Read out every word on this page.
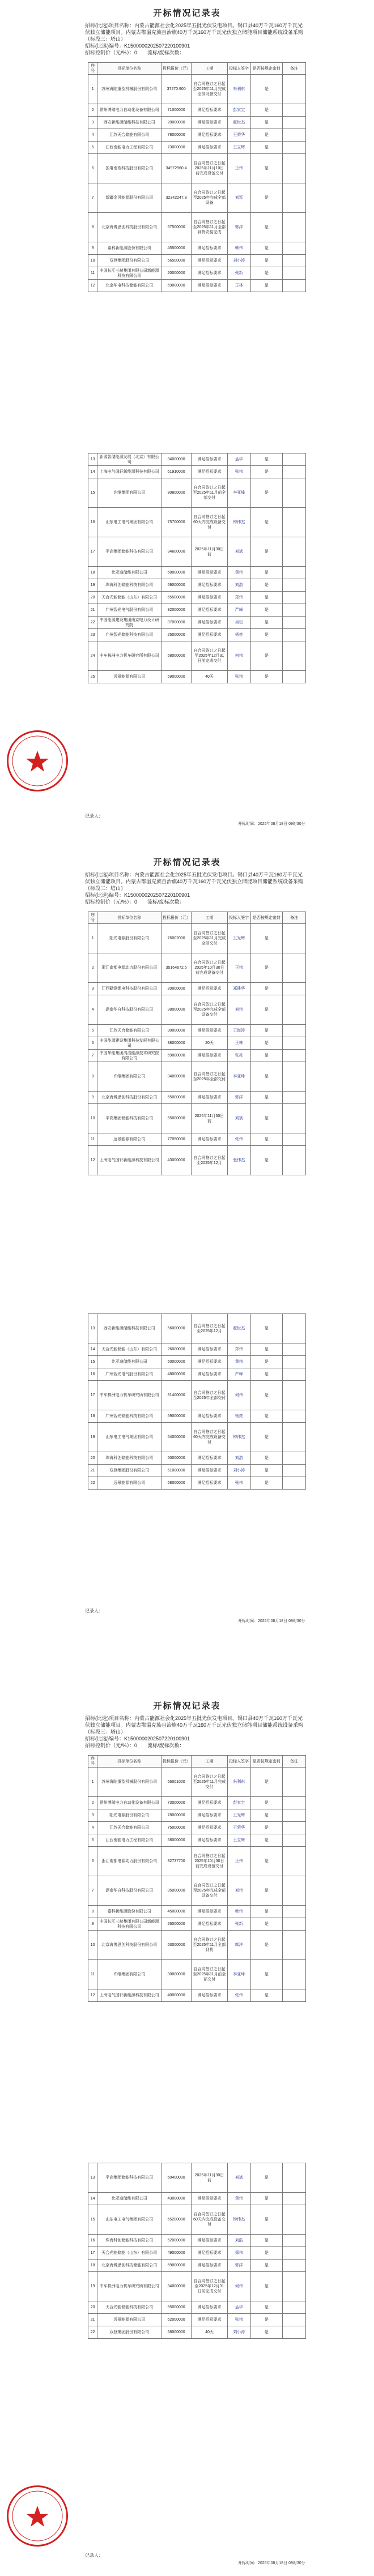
开标情况记录表
招标(比选)项目名称：内蒙古能源社会化2025年五批光伏发电项目。锡口县40万千瓦160万千瓦光伏独立储能项目。内蒙古鄂温克族自治旗40万千瓦160万千瓦光伏独立储能项目储能系统设备采购（标段三：塔山）
招标(比选)编号：K1500000202507220100901
招标控制价（元/%）：0 流标/废标次数：
序号	投标单位名称	投标报价（元）	工期	投标人签字	是否按规定密封	备注
1	苏州海陆重型机械股份有限公司	37270.900	自合同签订之日起至2025年11月完成全部设备交付	朱利东	是	
2	常州博瑞电力自动化设备有限公司	71000000	满足招标要求	彭家宝	是	
3	西安新能源储能科技有限公司	20000000	满足招标要求	霍世杰	是	
4	江苏天合储能有限公司	78000000	满足招标要求	王荣华	是	
5	江西南能电力工程有限公司	73000000	满足招标要求	王立辉	是	
6	国电南瑞科技股份有限公司	34972960.4	自合同签订之日起2025年11月10日前完成设备交付	王伟	是	
7	新疆金风能源股份有限公司	32342247.9	自合同签订之日起至2025年完成全部设备	刘军	是	
8	北京海博思创科技股份有限公司	57500000	自合同签订之日起至2025年11月全部到货安装完成	郭洋	是	
9	嘉科新能源股份有限公司	45500000	满足招标要求	韩伟	是	
10	双登集团股份有限公司	56500000	满足招标要求	刘小涛	是	
11	中国长江三峡集团有限公司新能源科技有限公司	20000000	满足招标要求	张新	是	
12	北京华电科技储能有限公司	59000000	满足招标要求	王林	是	
13	新源智储能源发展（北京）有限公司	34000000	满足招标要求	孟华	是	
14	上海电气国轩新能源科技有限公司	61910000	满足招标要求	张伟	是	
15	许继集团有限公司	30800000	自合同签订之日起至2025年11月前全部交付	李亚峰	是	
16	山东电工电气集团有限公司	75700000	自合同签订之日起60天内完成设备交付	钟伟杰	是	
17	平高集团储能科技有限公司	34600000	2025年11月30日前	刘斌	是	
18	比亚迪储能有限公司	68000000	满足招标要求	黄伟	是	
19	珠海科创储能科技有限公司	59000000	满足招标要求	刘浩	是	
20	天合光能储能（山东）有限公司	65500000	满足招标要求	郑伟	是	
21	广州智光电气股份有限公司	32000000	满足招标要求	严峰	是	
22	中国能源建设集团南京电力设计研究院	37000000	满足招标要求	吴松	是	
23	广州智光储能科技有限公司	25000000	满足招标要求	杨亮	是	
24	中车株洲电力机车研究所有限公司	58000000	自合同签订之日起至2025年12月31日前完成交付	何伟	是	
25	远景能源有限公司	59000000	40天	张伟	是	
开标时间：2025年08月18日 09时30分
记录人：
开标情况记录表
招标(比选)项目名称：内蒙古能源社会化2025年五批光伏发电项目。锡口县40万千瓦160万千瓦光伏独立储能项目。内蒙古鄂温克族自治旗40万千瓦160万千瓦光伏独立储能项目储能系统设备采购（标段三：塔山）
招标(比选)编号：K1500000202507220100901
招标控制价（元/%）：0 流标/废标次数：
序号	投标单位名称	投标报价（元）	工期	投标人签字	是否按规定密封	备注
1	阳光电源股份有限公司	76002000	自合同签订之日起至2025年11月完成全部交付	王光辉	是	
2	浙江南都电源动力股份有限公司	35164672.5	自合同签订之日起2025年10月30日前完成设备交付	王伟	是	
3	江西赣锋锂电科技股份有限公司	20000000	满足招标要求	郑建华	是	
4	湖南华自科技股份有限公司	38000000	自合同签订之日起至2025年完成全部设备交付	刘伟	是	
5	江苏天合储能有限公司	30000000	满足招标要求	王海涛	是	
6	中国能源建设集团科技发展有限公司	38000000	20天	王林	是	
7	中国华能集团清洁能源技术研究院有限公司	59000000	满足招标要求	张亮	是	
8	许继集团有限公司	34000000	自合同签订之日起至2025年全部交付	李亚峰	是	
9	北京海博思创科技股份有限公司	55000000	满足招标要求	郭洋	是	
10	平高集团储能科技有限公司	55000000	2025年11月30日前	刘斌	是	
11	远景能源有限公司	77050000	满足招标要求	张伟	是	
12	上海电气国轩新能源科技有限公司	43000000	自合同签订之日起至2025年12月	张伟杰	是	
13	西安新能源储能科技有限公司	56000000	自合同签订之日起至2025年12月	霍世杰	是	
14	天合光能储能（山东）有限公司	26000000	满足招标要求	郑伟	是	
15	比亚迪储能有限公司	50000000	满足招标要求	黄伟	是	
16	广州智光电气股份有限公司	48000000	满足招标要求	严峰	是	
17	中车株洲电力机车研究所有限公司	31400000	自合同签订之日起至2025年全部交付	何伟	是	
18	广州智光储能科技有限公司	59000000	满足招标要求	杨亮	是	
19	山东电工电气集团有限公司	54000000	自合同签订之日起60天内完成设备交付	钟伟杰	是	
20	珠海科创储能科技有限公司	50000000	满足招标要求	刘浩	是	
21	双登集团股份有限公司	51000000	满足招标要求	刘小涛	是	
22	远景能源有限公司	58000000	满足招标要求	张伟	是	
记录人：
开标时间：2025年08月18日 09时30分
开标情况记录表
招标(比选)项目名称：内蒙古能源社会化2025年五批光伏发电项目。锡口县40万千瓦160万千瓦光伏独立储能项目。内蒙古鄂温克族自治旗40万千瓦160万千瓦光伏独立储能项目储能系统设备采购（标段三：塔山）
招标(比选)编号：K1500000202507220100901
招标控制价（元/%）：0 流标/废标次数：
序号	投标单位名称	投标报价（元）	工期	投标人签字	是否按规定密封	备注
1	苏州海陆重型机械股份有限公司	56001000	自合同签订之日起至2025年11月完成交付	朱利东	是	
2	常州博瑞电力自动化设备有限公司	73000000	满足招标要求	彭家宝	是	
3	阳光电源股份有限公司	78000000	满足招标要求	王光辉	是	
4	江苏天合储能有限公司	75000000	满足招标要求	王荣华	是	
5	江西南能电力工程有限公司	58000000	满足招标要求	王立辉	是	
6	浙江南都电源动力股份有限公司	32737700	自合同签订之日起2025年10月30日前完成设备交付	王伟	是	
7	湖南华自科技股份有限公司	35000000	自合同签订之日起至2025年完成全部设备交付	刘伟	是	
8	嘉科新能源股份有限公司	45000000	满足招标要求	韩伟	是	
9	中国长江三峡集团有限公司新能源科技有限公司	26000000	满足招标要求	张新	是	
10	北京海博思创科技股份有限公司	53000000	自合同签订之日起至2025年11月全部到货	郭洋	是	
11	许继集团有限公司	30000000	自合同签订之日起至2025年11月前全部交付	李亚峰	是	
12	上海电气国轩新能源科技有限公司	40000000	满足招标要求	张伟	是	
13	平高集团储能科技有限公司	60400000	2025年11月30日前	刘斌	是	
14	比亚迪储能有限公司	43000000	满足招标要求	黄伟	是	
15	山东电工电气集团有限公司	65200000	自合同签订之日起60天内完成设备交付	钟伟杰	是	
16	珠海科创储能科技有限公司	52000000	满足招标要求	刘浩	是	
17	天合光能储能（山东）有限公司	49000000	满足招标要求	郑伟	是	
18	北京海博思创科技储能有限公司	59000000	满足招标要求	郭洋	是	
19	中车株洲电力机车研究所有限公司	34000000	自合同签订之日起至2025年12月31日前完成交付	何伟	是	
20	天合光能储能科技有限公司	55000000	满足招标要求	孟华	是	
21	远景能源有限公司	62000000	满足招标要求	张伟	是	
22	双登集团股份有限公司	58000000	40天	刘小涛	是	
开标时间：2025年08月18日 09时30分
记录人：
